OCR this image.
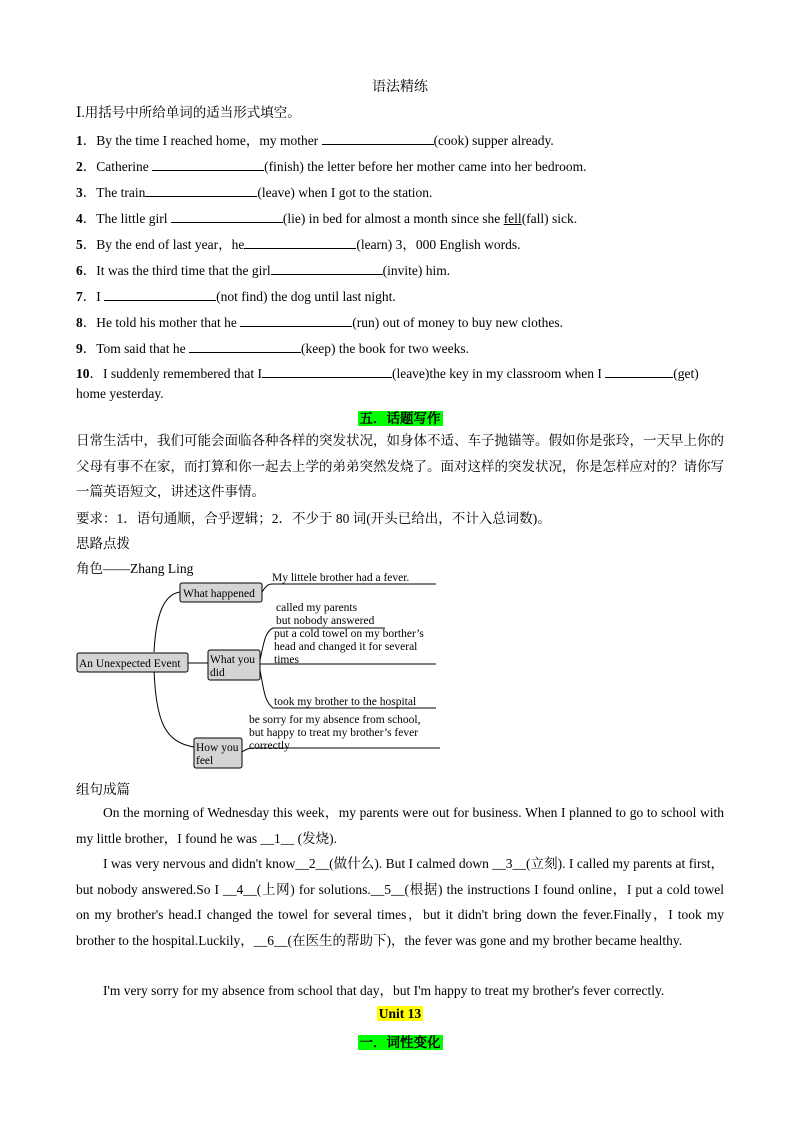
语法精练
Ⅰ.用括号中所给单词的适当形式填空。
1．By the time I reached home，my mother	(cook) supper already.
2．Catherine	(finish) the letter before her mother came into her bedroom.
3．The train	(leave) when I got to the station.
4．The little girl	(lie) in bed for almost a month since she fell(fall) sick.
5．By the end of last year，he	(learn) 3，000 English words.
6．It was the third time that the girl	(invite) him.
7．I	(not find) the dog until last night.
8．He told his mother that he	(run) out of money to buy new clothes.
9．Tom said that he	(keep) the book for two weeks.
10．I suddenly remembered that I	(leave)the key in my classroom when I	(get)
home yesterday.
五．话题写作
日常生活中，我们可能会面临各种各样的突发状况，如身体不适、车子抛锚等。假如你是张玲，一天早上你的父母有事不在家，而打算和你一起去上学的弟弟突然发烧了。面对这样的突发状况，你是怎样应对的？请你写一篇英语短文，讲述这件事情。
要求：1．语句通顺，合乎逻辑；2．不少于 80 词(开头已给出，不计入总词数)。
思路点拨
角色——Zhang Ling
An Unexpected Event
What happened
What you
did
How you
feel
My littele brother had a fever.
called my parents
but nobody answered
put a cold towel on my borther’s
head and changed it for several
times
took my brother to the hospital
be sorry for my absence from school,
but happy to treat my brother’s fever
correctly
组句成篇
On the morning of Wednesday this week，my parents were out for business. When I planned to go to school with my little brother，I found he was __1__ (发烧).
I was very nervous and didn't know__2__(做什么). But I calmed down __3__(立刻). I called my parents at first，but nobody answered.So I __4__(上网) for solutions.__5__(根据) the instructions I found online，I put a cold towel on my brother's head.I changed the towel for several times，but it didn't bring down the fever.Finally，I took my brother to the hospital.Luckily，__6__(在医生的帮助下)，the fever was gone and my brother became healthy.
I'm very sorry for my absence from school that day，but I'm happy to treat my brother's fever correctly.
Unit 13
一．词性变化
